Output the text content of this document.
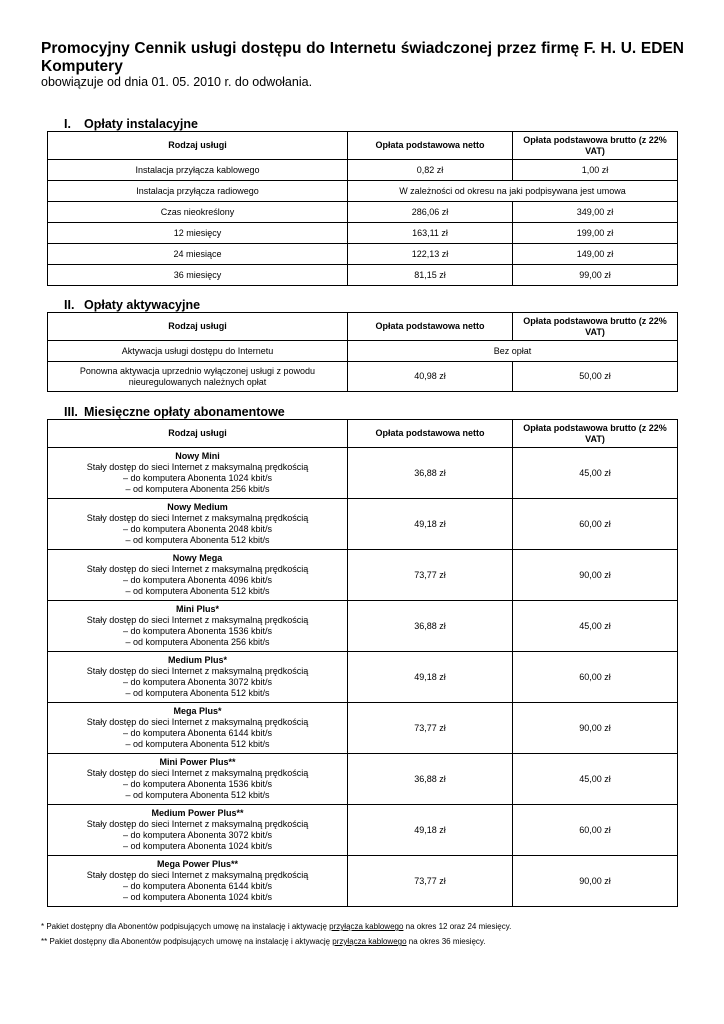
Promocyjny Cennik usługi dostępu do Internetu świadczonej przez firmę F. H. U. EDEN Komputery
obowiązuje od dnia 01. 05. 2010 r. do odwołania.
I. Opłaty instalacyjne
Rodzaj usługi	Opłata podstawowa netto	Opłata podstawowa brutto (z 22% VAT)
Instalacja przyłącza kablowego	0,82 zł	1,00 zł
Instalacja przyłącza radiowego	W zależności od okresu na jaki podpisywana jest umowa	
Czas nieokreślony	286,06 zł	349,00 zł
12 miesięcy	163,11 zł	199,00 zł
24 miesiące	122,13 zł	149,00 zł
36 miesięcy	81,15 zł	99,00 zł
II. Opłaty aktywacyjne
Rodzaj usługi	Opłata podstawowa netto	Opłata podstawowa brutto (z 22% VAT)
Aktywacja usługi dostępu do Internetu	Bez opłat	
Ponowna aktywacja uprzednio wyłączonej usługi z powodu nieuregulowanych należnych opłat	40,98 zł	50,00 zł
III. Miesięczne opłaty abonamentowe
Rodzaj usługi	Opłata podstawowa netto	Opłata podstawowa brutto (z 22% VAT)

Nowy Mini
Stały dostęp do sieci Internet z maksymalną prędkością
– do komputera Abonenta 1024 kbit/s
– od komputera Abonenta 256 kbit/s	36,88 zł	45,00 zł

Nowy Medium
Stały dostęp do sieci Internet z maksymalną prędkością
– do komputera Abonenta 2048 kbit/s
– od komputera Abonenta 512 kbit/s	49,18 zł	60,00 zł

Nowy Mega
Stały dostęp do sieci Internet z maksymalną prędkością
– do komputera Abonenta 4096 kbit/s
– od komputera Abonenta 512 kbit/s	73,77 zł	90,00 zł

Mini Plus*
Stały dostęp do sieci Internet z maksymalną prędkością
– do komputera Abonenta 1536 kbit/s
– od komputera Abonenta 256 kbit/s	36,88 zł	45,00 zł

Medium Plus*
Stały dostęp do sieci Internet z maksymalną prędkością
– do komputera Abonenta 3072 kbit/s
– od komputera Abonenta 512 kbit/s	49,18 zł	60,00 zł

Mega Plus*
Stały dostęp do sieci Internet z maksymalną prędkością
– do komputera Abonenta 6144 kbit/s
– od komputera Abonenta 512 kbit/s	73,77 zł	90,00 zł

Mini Power Plus**
Stały dostęp do sieci Internet z maksymalną prędkością
– do komputera Abonenta 1536 kbit/s
– od komputera Abonenta 512 kbit/s	36,88 zł	45,00 zł

Medium Power Plus**
Stały dostęp do sieci Internet z maksymalną prędkością
– do komputera Abonenta 3072 kbit/s
– od komputera Abonenta 1024 kbit/s	49,18 zł	60,00 zł

Mega Power Plus**
Stały dostęp do sieci Internet z maksymalną prędkością
– do komputera Abonenta 6144 kbit/s
– od komputera Abonenta 1024 kbit/s	73,77 zł	90,00 zł
* Pakiet dostępny dla Abonentów podpisujących umowę na instalację i aktywację przyłącza kablowego na okres 12 oraz 24 miesięcy.
** Pakiet dostępny dla Abonentów podpisujących umowę na instalację i aktywację przyłącza kablowego na okres 36 miesięcy.
